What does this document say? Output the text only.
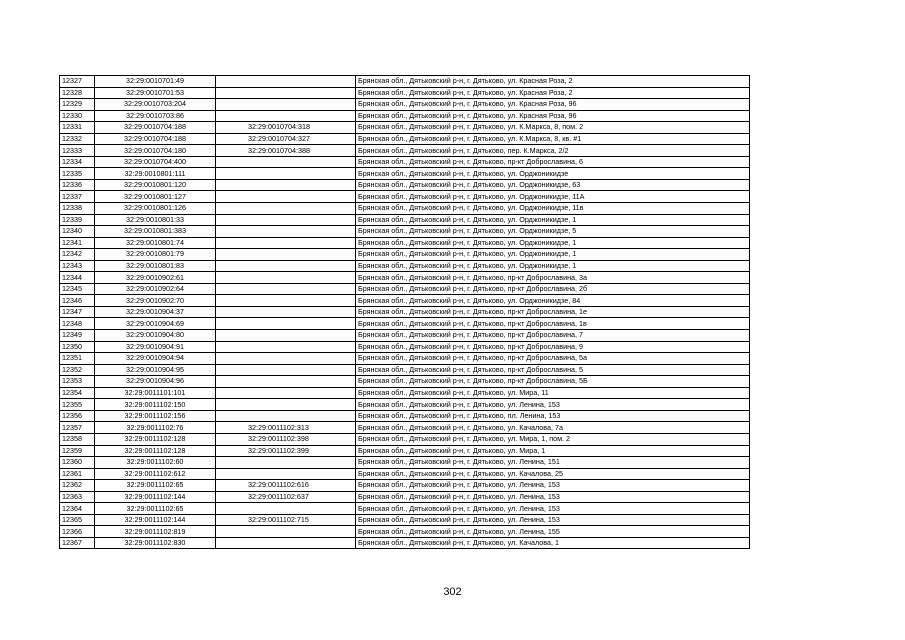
12327	32:29:0010701:49		Брянская обл., Дятьковский р-н, г. Дятьково, ул. Красная Роза, 2
12328	32:29:0010701:53		Брянская обл., Дятьковский р-н, г. Дятьково, ул. Красная Роза, 2
12329	32:29:0010703:204		Брянская обл., Дятьковский р-н, г. Дятьково, ул. Красная Роза, 96
12330	32:29:0010703:86		Брянская обл., Дятьковский р-н, г. Дятьково, ул. Красная Роза, 96
12331	32:29:0010704:188	32:29:0010704:318	Брянская обл., Дятьковский р-н, г. Дятьково, ул. К.Маркса, 8, пом. 2
12332	32:29:0010704:188	32:29:0010704:327	Брянская обл., Дятьковский р-н, г. Дятьково, ул. К.Маркса, 8, кв. #1
12333	32:29:0010704:180	32:29:0010704:388	Брянская обл., Дятьковский р-н, г. Дятьково, пер. К.Маркса, 2/2
12334	32:29:0010704:400		Брянская обл., Дятьковский р-н, г. Дятьково, пр-кт Доброславина, 6
12335	32:29:0010801:111		Брянская обл., Дятьковский р-н, г. Дятьково, ул. Орджоникидзе
12336	32:29:0010801:120		Брянская обл., Дятьковский р-н, г. Дятьково, ул. Орджоникидзе, 63
12337	32:29:0010801:127		Брянская обл., Дятьковский р-н, г. Дятьково, ул. Орджоникидзе, 11А
12338	32:29:0010801:126		Брянская обл., Дятьковский р-н, г. Дятьково, ул. Орджоникидзе, 11в
12339	32:29:0010801:33		Брянская обл., Дятьковский р-н, г. Дятьково, ул. Орджоникидзе, 1
12340	32:29:0010801:383		Брянская обл., Дятьковский р-н, г. Дятьково, ул. Орджоникидзе, 5
12341	32:29:0010801:74		Брянская обл., Дятьковский р-н, г. Дятьково, ул. Орджоникидзе, 1
12342	32:29:0010801:79		Брянская обл., Дятьковский р-н, г. Дятьково, ул. Орджоникидзе, 1
12343	32:29:0010801:83		Брянская обл., Дятьковский р-н, г. Дятьково, ул. Орджоникидзе, 1
12344	32:29:0010902:61		Брянская обл., Дятьковский р-н, г. Дятьково, пр-кт Доброславина, 3а
12345	32:29:0010902:64		Брянская обл., Дятьковский р-н, г. Дятьково, пр-кт Доброславина, 2б
12346	32:29:0010902:70		Брянская обл., Дятьковский р-н, г. Дятьково, ул. Орджоникидзе, 84
12347	32:29:0010904:37		Брянская обл., Дятьковский р-н, г. Дятьково, пр-кт Доброславина, 1е
12348	32:29:0010904:69		Брянская обл., Дятьковский р-н, г. Дятьково, пр-кт Доброславина, 1в
12349	32:29:0010904:80		Брянская обл., Дятьковский р-н, г. Дятьково, пр-кт Доброславина, 7
12350	32:29:0010904:91		Брянская обл., Дятьковский р-н, г. Дятьково, пр-кт Доброславина, 9
12351	32:29:0010904:94		Брянская обл., Дятьковский р-н, г. Дятьково, пр-кт Доброславина, 5а
12352	32:29:0010904:95		Брянская обл., Дятьковский р-н, г. Дятьково, пр-кт Доброславина, 5
12353	32:29:0010904:96		Брянская обл., Дятьковский р-н, г. Дятьково, пр-кт Доброславина, 5Б
12354	32:29:0011101:101		Брянская обл., Дятьковский р-н, г. Дятьково, ул. Мира, 11
12355	32:29:0011102:150		Брянская обл., Дятьковский р-н, г. Дятьково, ул. Ленина, 153
12356	32:29:0011102:156		Брянская обл., Дятьковский р-н, г. Дятьково, пл. Ленина, 153
12357	32:29:0011102:76	32:29:0011102:313	Брянская обл., Дятьковский р-н, г. Дятьково, ул. Качалова, 7а
12358	32:29:0011102:128	32:29:0011102:398	Брянская обл., Дятьковский р-н, г. Дятьково, ул. Мира, 1, пом. 2
12359	32:29:0011102:128	32:29:0011102:399	Брянская обл., Дятьковский р-н, г. Дятьково, ул. Мира, 1
12360	32:29:0011102:60		Брянская обл., Дятьковский р-н, г. Дятьково, ул. Ленина, 151
12361	32:29:0011102:612		Брянская обл., Дятьковский р-н, г. Дятьково, ул. Качалова, 25
12362	32:29:0011102:65	32:29:0011102:616	Брянская обл., Дятьковский р-н, г. Дятьково, ул. Ленина, 153
12363	32:29:0011102:144	32:29:0011102:637	Брянская обл., Дятьковский р-н, г. Дятьково, ул. Ленина, 153
12364	32:29:0011102:65		Брянская обл., Дятьковский р-н, г. Дятьково, ул. Ленина, 153
12365	32:29:0011102:144	32:29:0011102:715	Брянская обл., Дятьковский р-н, г. Дятьково, ул. Ленина, 153
12366	32:29:0011102:819		Брянская обл., Дятьковский р-н, г. Дятьково, ул. Ленина, 155
12367	32:29:0011102:830		Брянская обл., Дятьковский р-н, г. Дятьково, ул. Качалова, 1
302
